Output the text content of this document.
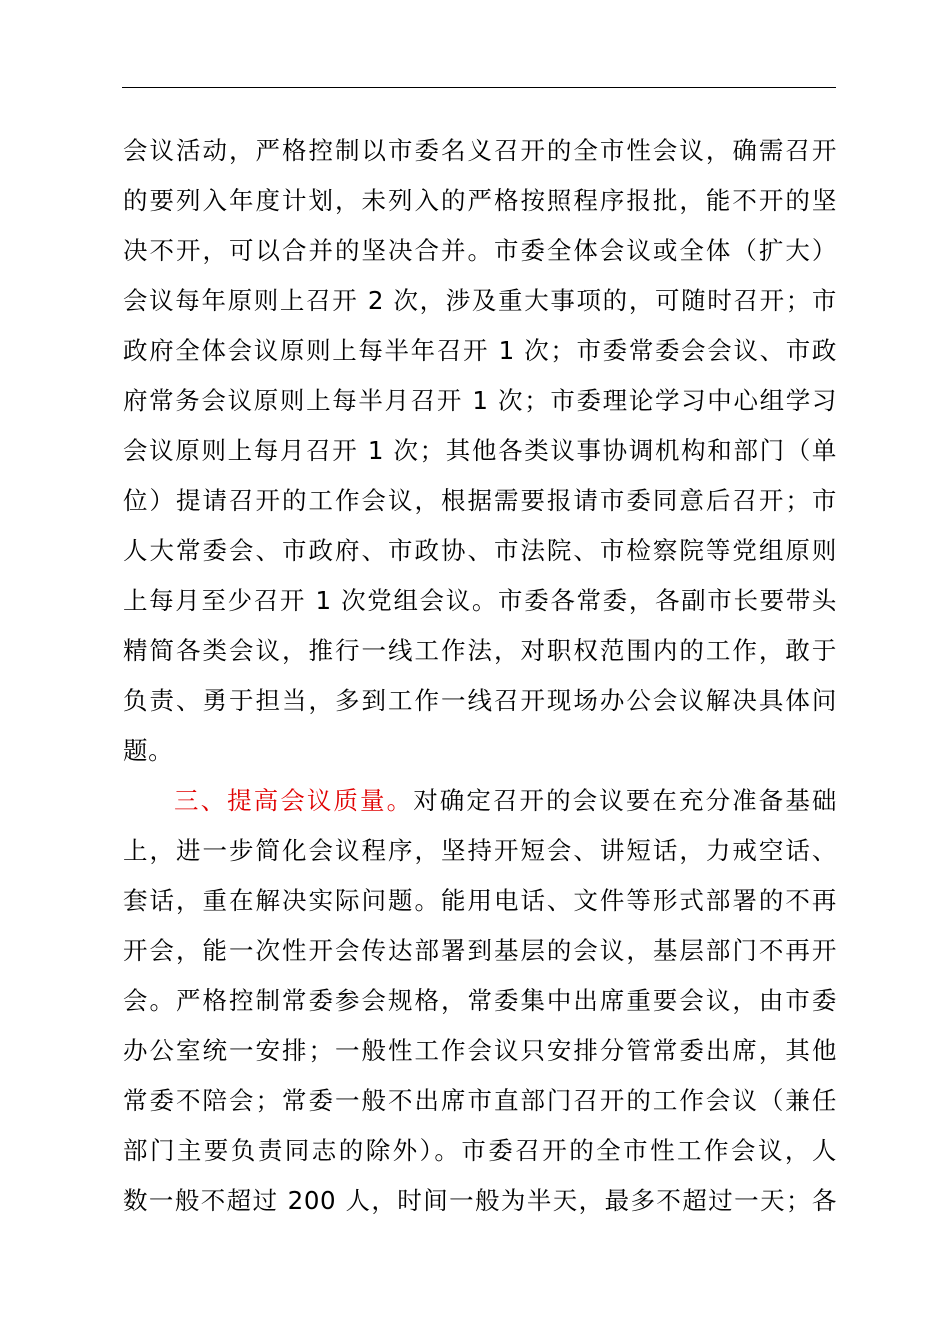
会议活动，严格控制以市委名义召开的全市性会议，确需召开
的要列入年度计划，未列入的严格按照程序报批，能不开的坚
决不开，可以合并的坚决合并。市委全体会议或全体（扩大）
会议每年原则上召开 2 次，涉及重大事项的，可随时召开；市
政府全体会议原则上每半年召开 1 次；市委常委会会议、市政
府常务会议原则上每半月召开 1 次；市委理论学习中心组学习
会议原则上每月召开 1 次；其他各类议事协调机构和部门（单
位）提请召开的工作会议，根据需要报请市委同意后召开；市
人大常委会、市政府、市政协、市法院、市检察院等党组原则
上每月至少召开 1 次党组会议。市委各常委，各副市长要带头
精简各类会议，推行一线工作法，对职权范围内的工作，敢于
负责、勇于担当，多到工作一线召开现场办公会议解决具体问
题。
三、提高会议质量。对确定召开的会议要在充分准备基础
上，进一步简化会议程序，坚持开短会、讲短话，力戒空话、
套话，重在解决实际问题。能用电话、文件等形式部署的不再
开会，能一次性开会传达部署到基层的会议，基层部门不再开
会。严格控制常委参会规格，常委集中出席重要会议，由市委
办公室统一安排；一般性工作会议只安排分管常委出席，其他
常委不陪会；常委一般不出席市直部门召开的工作会议（兼任
部门主要负责同志的除外）。市委召开的全市性工作会议，人
数一般不超过 200 人，时间一般为半天，最多不超过一天；各
